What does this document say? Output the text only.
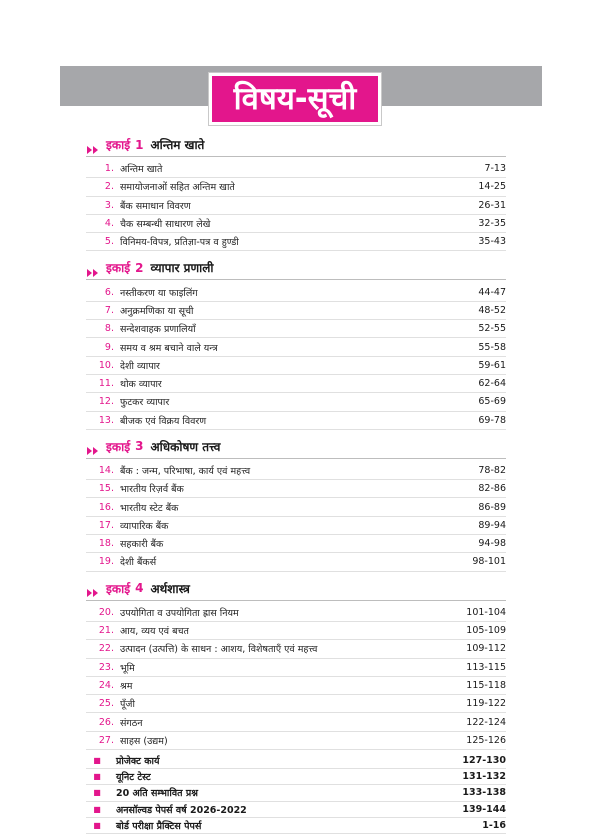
विषय-सूची
इकाई 1 अन्तिम खाते
1. अन्तिम खाते	7-13
2. समायोजनाओं सहित अन्तिम खाते	14-25
3. बैंक समाधान विवरण	26-31
4. चैक सम्बन्धी साधारण लेखे	32-35
5. विनिमय-विपत्र, प्रतिज्ञा-पत्र व हुण्डी	35-43
इकाई 2 व्यापार प्रणाली
6. नस्तीकरण या फाइलिंग	44-47
7. अनुक्रमणिका या सूची	48-52
8. सन्देशवाहक प्रणालियाँ	52-55
9. समय व श्रम बचाने वाले यन्त्र	55-58
10. देशी व्यापार	59-61
11. थोक व्यापार	62-64
12. फुटकर व्यापार	65-69
13. बीजक एवं विक्रय विवरण	69-78
इकाई 3 अधिकोषण तत्त्व
14. बैंक : जन्म, परिभाषा, कार्य एवं महत्त्व	78-82
15. भारतीय रिज़र्व बैंक	82-86
16. भारतीय स्टेट बैंक	86-89
17. व्यापारिक बैंक	89-94
18. सहकारी बैंक	94-98
19. देशी बैंकर्स	98-101
इकाई 4 अर्थशास्त्र
20. उपयोगिता व उपयोगिता ह्रास नियम	101-104
21. आय, व्यय एवं बचत	105-109
22. उत्पादन (उत्पत्ति) के साधन : आशय, विशेषताएँ एवं महत्त्व	109-112
23. भूमि	113-115
24. श्रम	115-118
25. पूँजी	119-122
26. संगठन	122-124
27. साहस (उद्यम)	125-126
■	प्रोजेक्ट कार्य	127-130
■	यूनिट टेस्ट	131-132
■	20 अति सम्भावित प्रश्न	133-138
■	अनसॉल्वड पेपर्स वर्ष 2026-2022	139-144
■	बोर्ड परीक्षा प्रैक्टिस पेपर्स	1-16
